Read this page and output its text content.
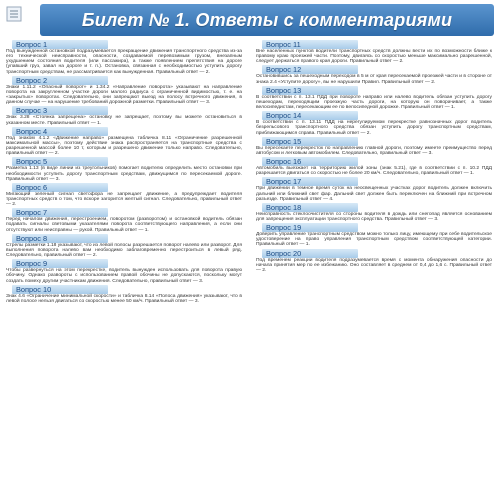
Билет № 1. Ответы с комментариями
Вопрос 1
Под вынужденной остановкой подразумевается прекращение движения транспортного средства из-за его технической неисправности, опасности, создаваемой перевозимым грузом, внезапным ухудшением состояния водителя (или пассажира), а также появлением препятствия на дороге (упавший груз, завал на дороге и т. п.). Остановка, связанная с необходимостью уступить дорогу транспортным средствам, не рассматривается как вынужденная. Правильный ответ — 2.
Вопрос 2
Знаки 1.11.2 «Опасный поворот» и 1.34.2 «Направление поворота» указывают на направление поворота на закругленном участке дороги малого радиуса с ограниченной видимостью, т. е. на «закрытых» поворотах. Следовательно, они запрещают выезд на полосу встречного движения, в данном случае — на нарушение требований дорожной разметки. Правильный ответ — 3.
Вопрос 3
Знак 3.28 «Стоянка запрещена» остановку не запрещает, поэтому вы можете остановиться в указанном месте. Правильный ответ — 1.
Вопрос 4
Под знаком 4.1.2 «Движение направо» размещена табличка 8.11 «Ограничение разрешенной максимальной массы», поэтому действие знака распространяется на транспортные средства с разрешенной массой более 10 т, которым и разрешено движение только направо. Следовательно, правильный ответ — 2.
Вопрос 5
Разметка 1.13 (в виде линии из треугольников) помогает водителю определить место остановки при необходимости уступить дорогу транспортным средствам, движущимся по пересекаемой дороге. Правильный ответ — 3.
Вопрос 6
Мигающий зеленый сигнал светофора не запрещает движение, а предупреждает водителя транспортных средств о том, что вскоре загорится желтый сигнал. Следовательно, правильный ответ — 2.
Вопрос 7
Перед началом движения, перестроением, поворотом (разворотом) и остановкой водитель обязан подавать сигналы световыми указателями поворота соответствующего направления, а если они отсутствуют или неисправны — рукой. Правильный ответ — 1.
Вопрос 8
Стрелы разметки 1.18 указывают, что из левой полосы разрешается поворот налево или разворот. Для выполнения поворота налево вам необходимо заблаговременно перестроиться в левый ряд. Следовательно, правильный ответ — 2.
Вопрос 9
Чтобы развернуться на этом перекрестке, водитель вынужден использовать для поворота правую обочину. Однако развороты с использованием правой обочины не допускаются, поскольку могут создать помеху другим участникам движения. Следовательно, правильный ответ — 3.
Вопрос 10
Знак 4.6 «Ограничение минимальной скорости» и табличка 8.14 «Полоса движения» указывают, что в левой полосе нельзя двигаться со скоростью менее 50 км/ч. Правильный ответ — 3.
Вопрос 11
Вне населенных пунктов водители транспортных средств должны вести их по возможности ближе к правому краю проезжей части. Поэтому, двигаясь со скоростью меньше максимально разрешенной, следует держаться правого края дороги. Правильный ответ — 2.
Вопрос 12
Остановившись за пешеходным переходом в 5 м от края пересекаемой проезжей части и в стороне от знака 2.4 «Уступите дорогу», вы не нарушили Правил. Правильный ответ — 2.
Вопрос 13
В соответствии с п. 13.1 ПДД при повороте направо или налево водитель обязан уступить дорогу пешеходам, переходящим проезжую часть дороги, на которую он поворачивает, а также велосипедистам, пересекающим ее по велосипедной дорожке. Правильный ответ — 1.
Вопрос 14
В соответствии с п. 13.11 ПДД на нерегулируемом перекрестке равнозначных дорог водитель безрельсового транспортного средства обязан уступить дорогу транспортным средствам, приближающимся справа. Правильный ответ — 2.
Вопрос 15
Вы пересекаете перекресток по направлению главной дороги, поэтому имеете преимущество перед автобусом и легковым автомобилем. Следовательно, правильный ответ — 3.
Вопрос 16
Автомобиль выезжает на территорию жилой зоны (знак 5.21), где в соответствии с п. 10.2 ПДД разрешается двигаться со скоростью не более 20 км/ч. Следовательно, правильный ответ — 1.
Вопрос 17
При движении в темное время суток на неосвещенных участках дорог водитель должен включить дальний или ближний свет фар. Дальний свет должен быть переключен на ближний при встречном разъезде. Правильный ответ — 4.
Вопрос 18
Неисправность стеклоочистителя со стороны водителя в дождь или снегопад является основанием для запрещения эксплуатации транспортного средства. Правильный ответ — 3.
Вопрос 19
Доверить управление транспортным средством можно только лицу, имеющему при себе водительское удостоверение на право управления транспортным средством соответствующей категории. Правильный ответ — 1.
Вопрос 20
Под временем реакции водителя подразумевается время с момента обнаружения опасности до начала принятия мер по ее избежанию. Оно составляет в среднем от 0,4 до 1,6 с. Правильный ответ — 2.
